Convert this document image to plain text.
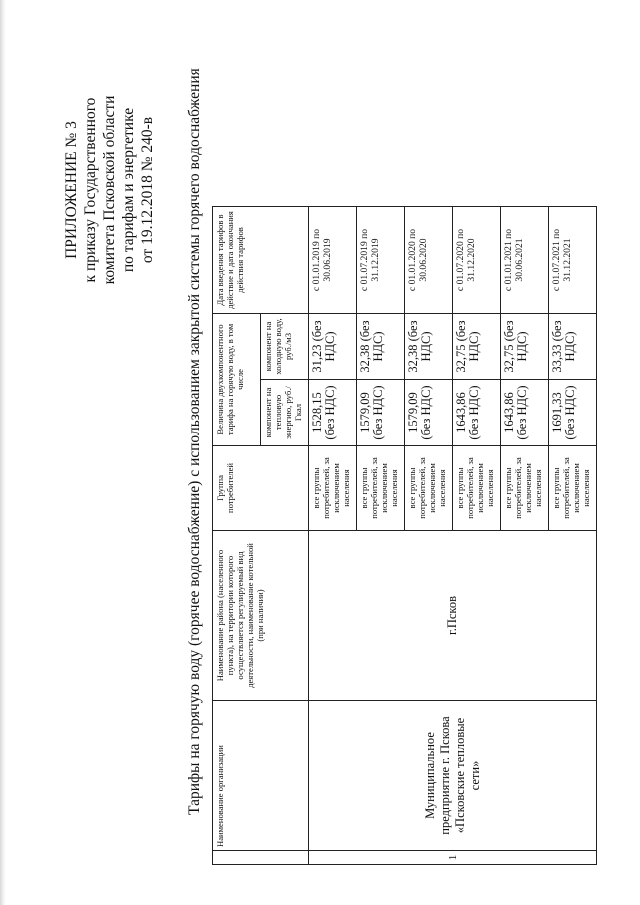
ПРИЛОЖЕНИЕ № 3 к приказу Государственного комитета Псковской области по тарифам и энергетике от 19.12.2018 № 240-в Тарифы на горячую воду (горячее водоснабжение) с использованием закрытой системы горячего водоснабжения
	Наименование организации	Наименование района (населенного пункта), на территории которого осуществляется регулируемый вид деятельности, наименование котельной (при наличии)	Группа потребителей	Величина двухкомпонентного тарифа на горячую воду, в том числе		Дата введения тарифов в действие и дата окончания действия тарифов
				компонент на тепловую энергию, руб./Гкал	компонент на холодную воду, руб./м3	
1	Муниципальное предприятие г. Пскова «Псковские тепловые сети»	г.Псков	все группы потребителей, за исключением населения	1528,15 (без НДС)	31,23 (без НДС)	с 01.01.2019 по 30.06.2019
			все группы потребителей, за исключением населения	1579,09 (без НДС)	32,38 (без НДС)	с 01.07.2019 по 31.12.2019
			все группы потребителей, за исключением населения	1579,09 (без НДС)	32,38 (без НДС)	с 01.01.2020 по 30.06.2020
			все группы потребителей, за исключением населения	1643,86 (без НДС)	32,75 (без НДС)	с 01.07.2020 по 31.12.2020
			все группы потребителей, за исключением населения	1643,86 (без НДС)	32,75 (без НДС)	с 01.01.2021 по 30.06.2021
			все группы потребителей, за исключением населения	1691,33 (без НДС)	33,33 (без НДС)	с 01.07.2021 по 31.12.2021
